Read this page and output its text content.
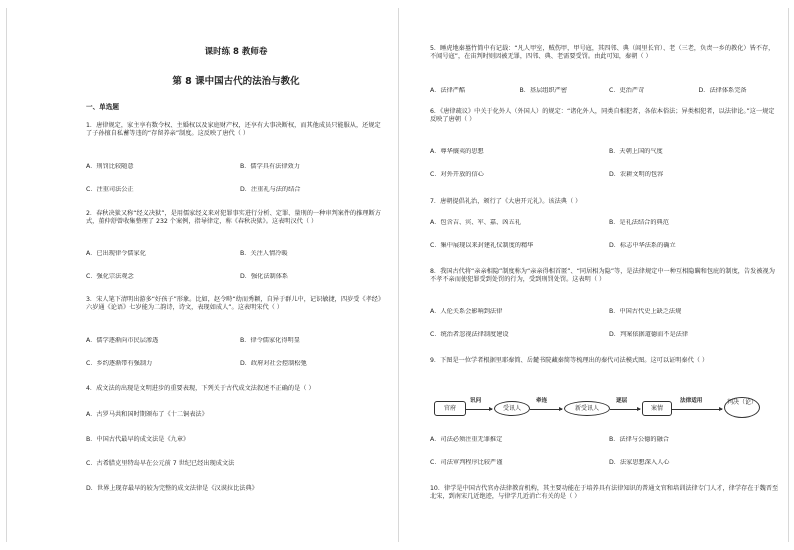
课时练 8 教师卷
第 8 课中国古代的法治与教化
一、单选题

1．唐律规定，家主享有数令权、主婚权以及家庭财产权，还享有大事决断权，而其他成员只能服从，还规定了子孙擅自私蓄等违的“存留养亲”制度。这反映了唐代（ ）

A．刑罚比较随意	B．儒学具有法律效力
C．注重司法公正	D．注重礼与法的结合

2．春秋决狱又称“经义决狱”，是用儒家经义来对犯罪事实进行分析、定罪、量刑的一种审判案件的推理断方式，董仲舒曾收集整理了 232 个案例，指导律定，称《春秋决狱》。这表明汉代（ ）

A．已出现律令儒家化	B．关注人情冷暖
C．强化宗法观念	D．强化法制体系

3．宋人笔下清明出游多“好孩子”形象。比如，赵令畤“幼而秀颖，自异于群儿中，记识敏捷，四岁受《孝经》六岁通《论语》七岁能为二韵诗，诗文，表现如成人”。这表明宋代（ ）

A．儒学逐渐向市民层渗透	B．律令儒家化得明显
C．乡约逐渐带有强制力	D．政府对社会控制松弛

4．成文法的出现是文明进步的重要表现，下列关于古代成文法叙述不正确的是（ ）

A．古罗马共和国时期颁布了《十二铜表法》
B．中国古代最早的成文法是《九章》
C．古希腊克里特岛早在公元前 7 世纪已经出现成文法
D．世界上现存最早的较为完整的成文法律是《汉谟拉比法典》

5．睡虎地秦墓竹简中有记载：“凡人甲室，贼伤甲，甲号寇，其四邻、典（闾里长官）、老（三老，负责一乡的教化）皆不存，不闻号寇”，在宙判时则因被无罪，四邻、典、老需要受罚。由此可知，秦朝（ ）

A．法律严酷	B．基层组织严密	C．吏治严苛	D．法律体系完备

6．《唐律疏议》中关于化外人（外国人）的规定：“诸化外人，同类自相犯者，各依本俗法；异类相犯者，以法律论。”这一规定反映了唐朝（ ）

A．尊华攘夷的思想	B．天朝上国的气度
C．对外开放的信心	D．农耕文明的包容

7．唐朝提倡礼治，颁行了《大唐开元礼》。该法典（ ）

A．包含吉、宾、军、嘉、凶五礼	B．是礼法结合的典范
C．集中展现以来封建礼仪制度的精华	D．标志中华法系的确立

8．我国古代将“亲亲相隐”制度称为“亲亲得相首匿”、“同居相为隐”等，是法律规定中一种互相隐瞒和包庇的制度，告发被视为不孝不亲而使犯罪受到处罚的行为，受到刑罚处罚。这表明（ ）

A．人伦关系会影响到法律	B．中国古代史上缺乏法规
C．统治者忽视法律制度建设	D．判案依据道德而不是法律

9．下图是一位学者根据里耶秦简、岳麓书院藏秦简等梳理出的秦代司法模式图。这可以证明秦代（ ）

官府
讯问
受讯人
牵连
新受讯人
逐层
案情
法律适用	判决（论）
A．司法必须注重无罪推定	B．法律与公德的融合
C．司法审判程序比较严谨	D．法家思想深入人心

10．律学是中国古代官办法律教育机构，其主要功能在于培养具有法律知识的普通文官和培训法律专门人才，律学存在于魏晋至北宋，到南宋几近绝迹，与律学几近消亡有关的是（ ）
